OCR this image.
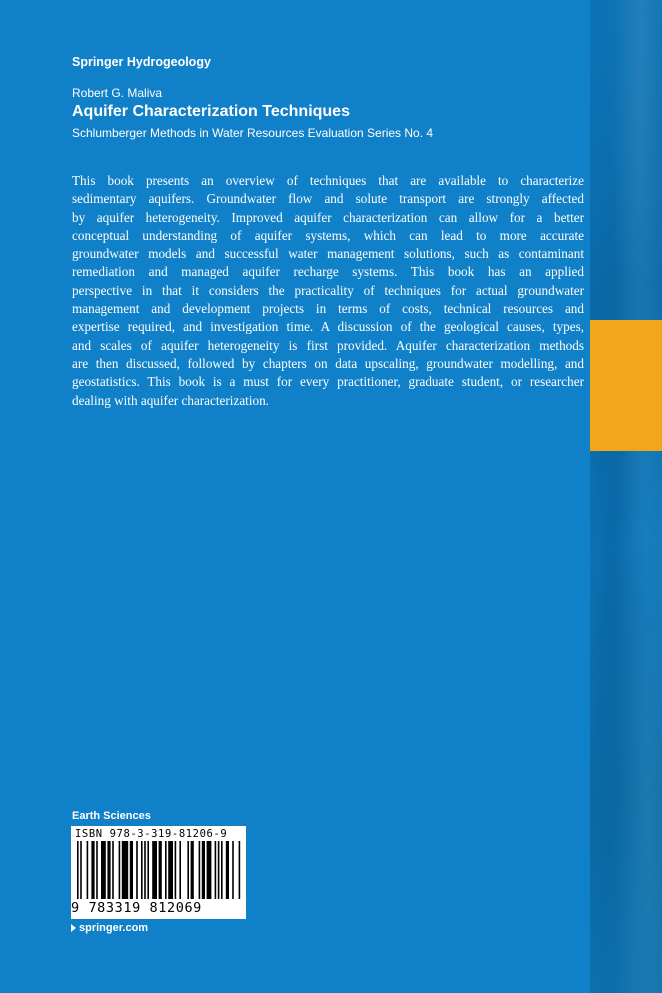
Springer Hydrogeology
Robert G. Maliva
Aquifer Characterization Techniques
Schlumberger Methods in Water Resources Evaluation Series No. 4
This book presents an overview of techniques that are available to characterize
sedimentary aquifers. Groundwater flow and solute transport are strongly affected
by aquifer heterogeneity. Improved aquifer characterization can allow for a better
conceptual understanding of aquifer systems, which can lead to more accurate
groundwater models and successful water management solutions, such as contaminant
remediation and managed aquifer recharge systems. This book has an applied
perspective in that it considers the practicality of techniques for actual groundwater
management and development projects in terms of costs, technical resources and
expertise required, and investigation time. A discussion of the geological causes, types,
and scales of aquifer heterogeneity is first provided. Aquifer characterization methods
are then discussed, followed by chapters on data upscaling, groundwater modelling, and
geostatistics. This book is a must for every practitioner, graduate student, or researcher
dealing with aquifer characterization.
Earth Sciences
ISBN 978-3-319-81206-9
9 783319 812069
springer.com
